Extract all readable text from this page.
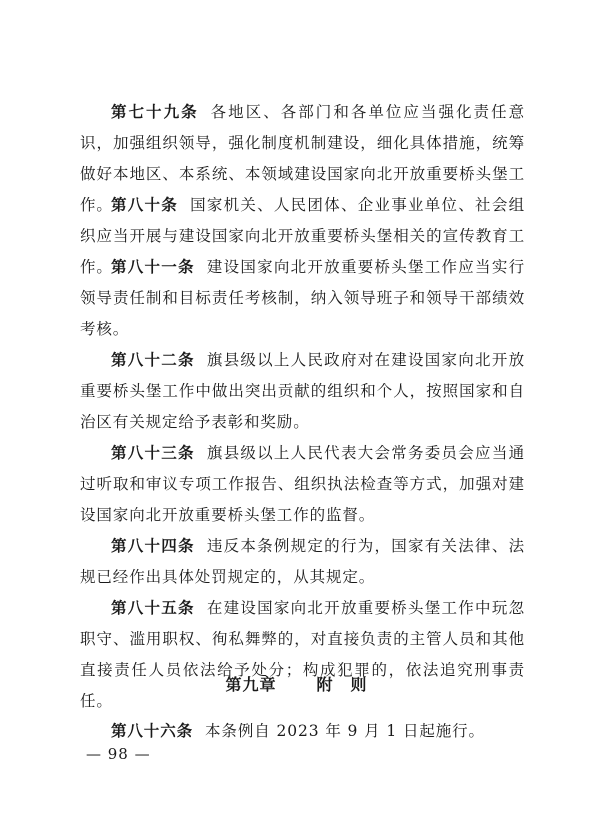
第七十九条 各地区、各部门和各单位应当强化责任意识，加强组织领导，强化制度机制建设，细化具体措施，统筹做好本地区、本系统、本领域建设国家向北开放重要桥头堡工作。

第八十条 国家机关、人民团体、企业事业单位、社会组织应当开展与建设国家向北开放重要桥头堡相关的宣传教育工作。

第八十一条 建设国家向北开放重要桥头堡工作应当实行领导责任制和目标责任考核制，纳入领导班子和领导干部绩效考核。

第八十二条 旗县级以上人民政府对在建设国家向北开放重要桥头堡工作中做出突出贡献的组织和个人，按照国家和自治区有关规定给予表彰和奖励。

第八十三条 旗县级以上人民代表大会常务委员会应当通过听取和审议专项工作报告、组织执法检查等方式，加强对建设国家向北开放重要桥头堡工作的监督。

第八十四条 违反本条例规定的行为，国家有关法律、法规已经作出具体处罚规定的，从其规定。

第八十五条 在建设国家向北开放重要桥头堡工作中玩忽职守、滥用职权、徇私舞弊的，对直接负责的主管人员和其他直接责任人员依法给予处分；构成犯罪的，依法追究刑事责任。

第九章	附　则

第八十六条 本条例自 2023 年 9 月 1 日起施行。

— 98 —
